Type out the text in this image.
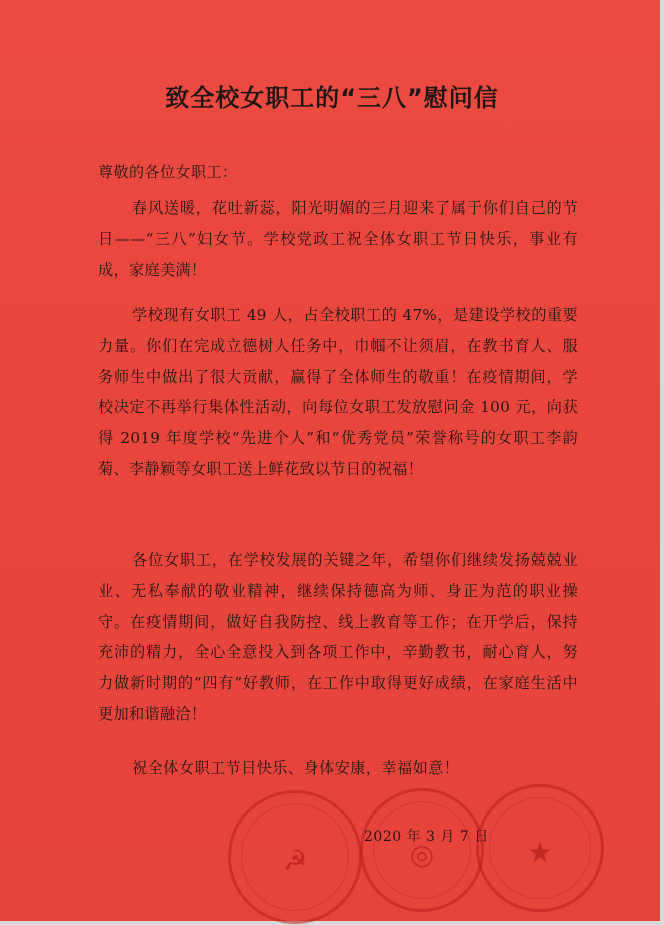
致全校女职工的“三八”慰问信
尊敬的各位女职工：
春风送暖，花吐新蕊，阳光明媚的三月迎来了属于你们自己的节日——“三八”妇女节。学校党政工祝全体女职工节日快乐，事业有成，家庭美满！
学校现有女职工 49 人，占全校职工的 47%，是建设学校的重要力量。你们在完成立德树人任务中，巾帼不让须眉，在教书育人、服务师生中做出了很大贡献，赢得了全体师生的敬重！在疫情期间，学校决定不再举行集体性活动，向每位女职工发放慰问金 100 元，向获得 2019 年度学校“先进个人”和“优秀党员”荣誉称号的女职工李韵菊、李静颖等女职工送上鲜花致以节日的祝福！
各位女职工，在学校发展的关键之年，希望你们继续发扬兢兢业业、无私奉献的敬业精神，继续保持德高为师、身正为范的职业操守。在疫情期间，做好自我防控、线上教育等工作；在开学后，保持充沛的精力，全心全意投入到各项工作中，辛勤教书，耐心育人，努力做新时期的“四有”好教师，在工作中取得更好成绩，在家庭生活中更加和谐融洽！
祝全体女职工节日快乐、身体安康，幸福如意！
☭	◎	★
2020 年 3 月 7 日
